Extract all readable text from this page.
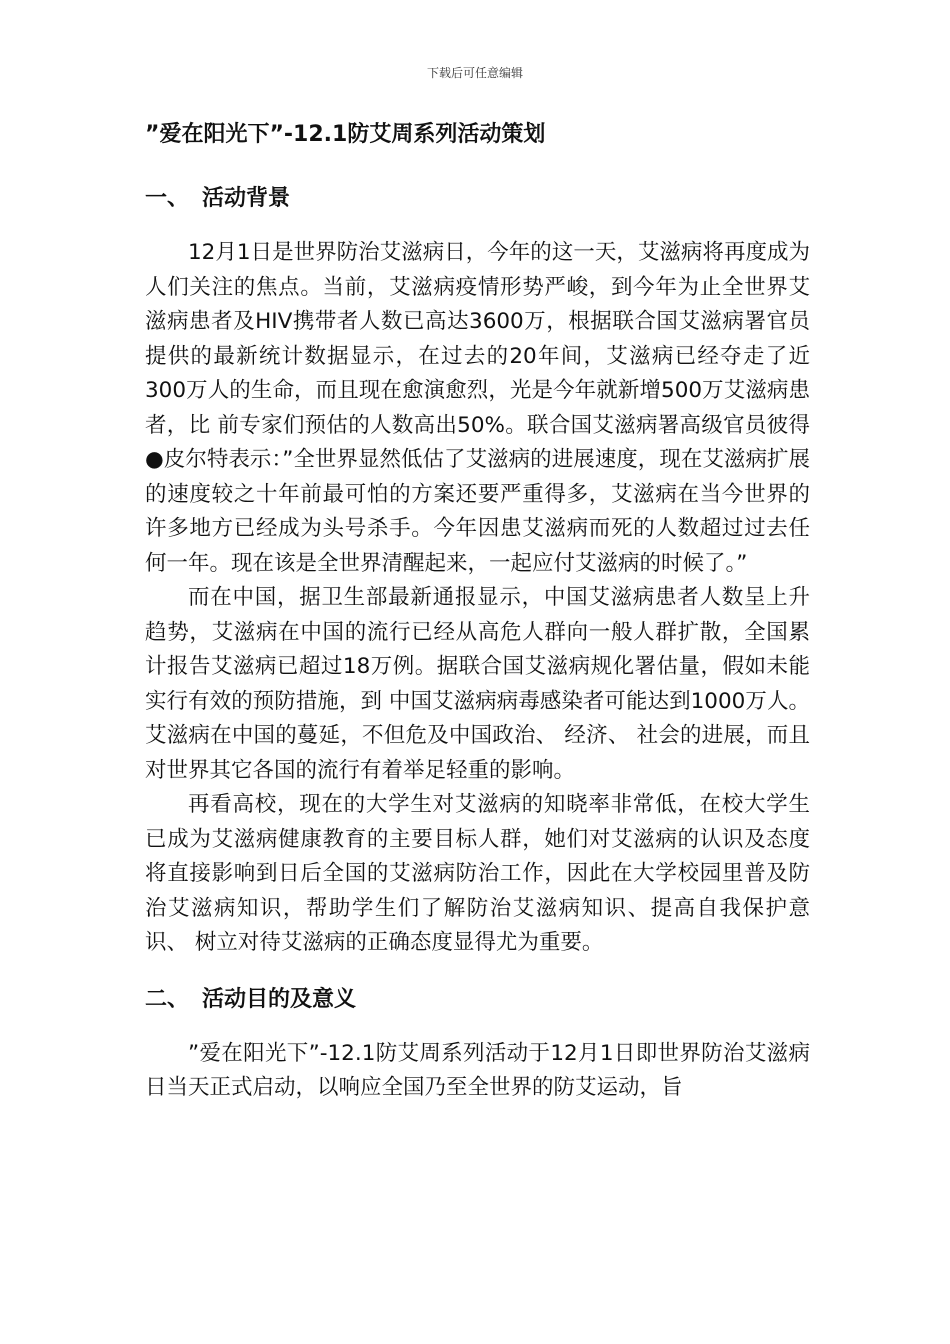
下载后可任意编辑
”爱在阳光下”-12.1防艾周系列活动策划
一、 活动背景

12月1日是世界防治艾滋病日，今年的这一天，艾滋病将再度成为人们关注的焦点。当前，艾滋病疫情形势严峻，到今年为止全世界艾滋病患者及HIV携带者人数已高达3600万，根据联合国艾滋病署官员提供的最新统计数据显示，在过去的20年间，艾滋病已经夺走了近300万人的生命，而且现在愈演愈烈，光是今年就新增500万艾滋病患者，比 前专家们预估的人数高出50%。联合国艾滋病署高级官员彼得●皮尔特表示：”全世界显然低估了艾滋病的进展速度，现在艾滋病扩展的速度较之十年前最可怕的方案还要严重得多，艾滋病在当今世界的许多地方已经成为头号杀手。今年因患艾滋病而死的人数超过过去任何一年。现在该是全世界清醒起来，一起应付艾滋病的时候了。”

而在中国，据卫生部最新通报显示，中国艾滋病患者人数呈上升趋势，艾滋病在中国的流行已经从高危人群向一般人群扩散，全国累计报告艾滋病已超过18万例。据联合国艾滋病规化署估量，假如未能实行有效的预防措施，到 中国艾滋病病毒感染者可能达到1000万人。艾滋病在中国的蔓延，不但危及中国政治、 经济、 社会的进展，而且对世界其它各国的流行有着举足轻重的影响。

再看高校，现在的大学生对艾滋病的知晓率非常低，在校大学生已成为艾滋病健康教育的主要目标人群，她们对艾滋病的认识及态度将直接影响到日后全国的艾滋病防治工作，因此在大学校园里普及防治艾滋病知识，帮助学生们了解防治艾滋病知识、提高自我保护意识、 树立对待艾滋病的正确态度显得尤为重要。

二、 活动目的及意义

”爱在阳光下”-12.1防艾周系列活动于12月1日即世界防治艾滋病日当天正式启动，以响应全国乃至全世界的防艾运动，旨
